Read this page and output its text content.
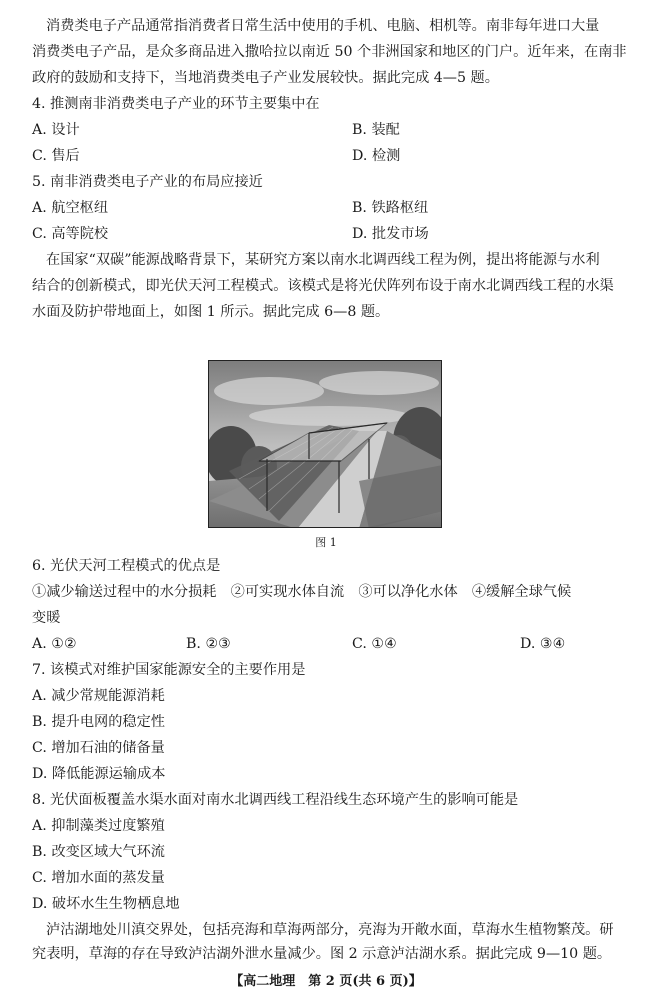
消费类电子产品通常指消费者日常生活中使用的手机、电脑、相机等。南非每年进口大量
消费类电子产品，是众多商品进入撒哈拉以南近 50 个非洲国家和地区的门户。近年来，在南非
政府的鼓励和支持下，当地消费类电子产业发展较快。据此完成 4—5 题。
4. 推测南非消费类电子产业的环节主要集中在
A. 设计	B. 装配
C. 售后	D. 检测
5. 南非消费类电子产业的布局应接近
A. 航空枢纽	B. 铁路枢纽
C. 高等院校	D. 批发市场
在国家“双碳”能源战略背景下，某研究方案以南水北调西线工程为例，提出将能源与水利
结合的创新模式，即光伏天河工程模式。该模式是将光伏阵列布设于南水北调西线工程的水渠
水面及防护带地面上，如图 1 所示。据此完成 6—8 题。
图 1
6. 光伏天河工程模式的优点是
①减少输送过程中的水分损耗　②可实现水体自流　③可以净化水体　④缓解全球气候
变暖
A. ①②	B. ②③	C. ①④	D. ③④
7. 该模式对维护国家能源安全的主要作用是
A. 减少常规能源消耗
B. 提升电网的稳定性
C. 增加石油的储备量
D. 降低能源运输成本
8. 光伏面板覆盖水渠水面对南水北调西线工程沿线生态环境产生的影响可能是
A. 抑制藻类过度繁殖
B. 改变区域大气环流
C. 增加水面的蒸发量
D. 破坏水生生物栖息地
泸沽湖地处川滇交界处，包括亮海和草海两部分，亮海为开敞水面，草海水生植物繁茂。研
究表明，草海的存在导致泸沽湖外泄水量减少。图 2 示意泸沽湖水系。据此完成 9—10 题。
【高二地理　第 2 页(共 6 页)】
